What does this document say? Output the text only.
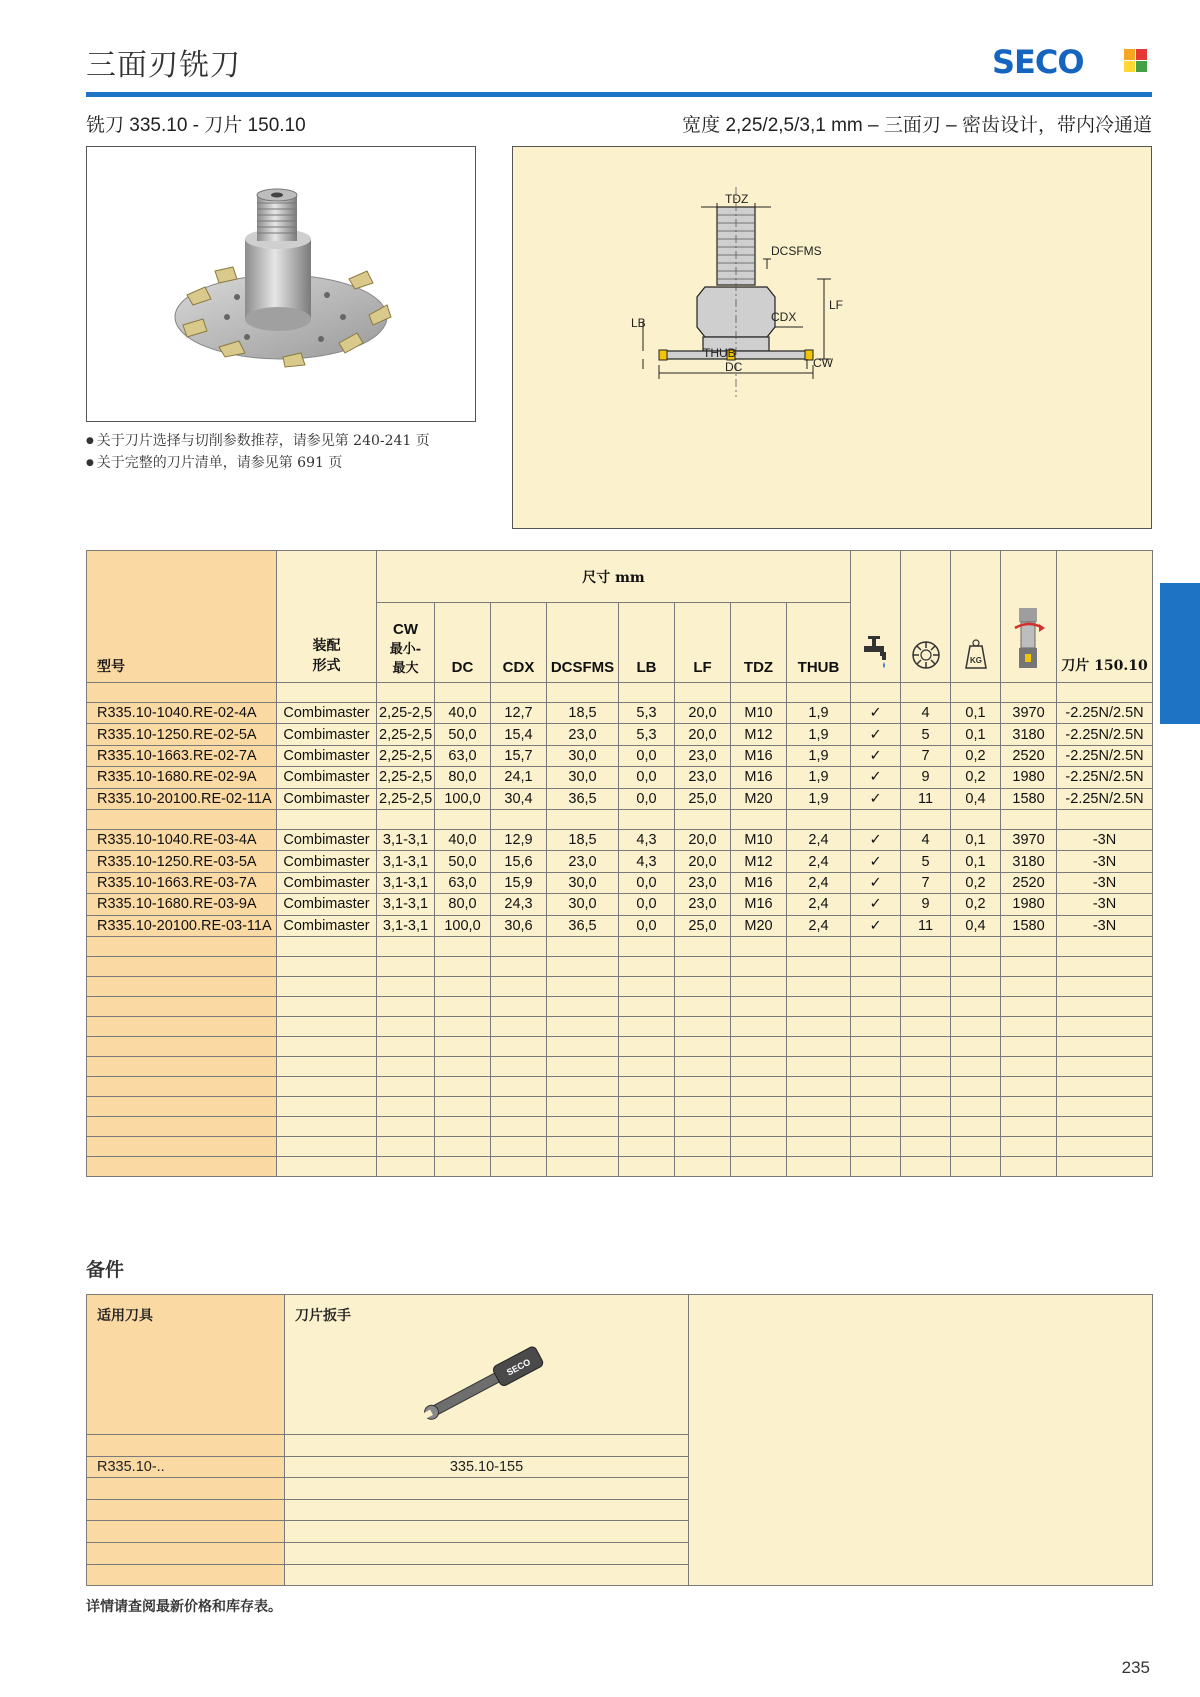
三面刃铣刀	SECO
铣刀 335.10 - 刀片 150.10	宽度 2,25/2,5/3,1 mm – 三面刃 – 密齿设计，带内冷通道
● 关于刀片选择与切削参数推荐，请参见第 240-241 页
● 关于完整的刀片清单，请参见第 691 页
TDZ
DCSFMS
LF
CDX
LB
THUB
DC	CW
型号	装配
形式	尺寸 mm										KG		刀片 150.10
		CW
最小-
最大	DC	CDX	DCSFMS	LB	LF	TDZ	THUB					

R335.10-1040.RE-02-4A	Combimaster	2,25-2,5	40,0	12,7	18,5	5,3	20,0	M10	1,9	✓	4	0,1	3970	-2.25N/2.5N
R335.10-1250.RE-02-5A	Combimaster	2,25-2,5	50,0	15,4	23,0	5,3	20,0	M12	1,9	✓	5	0,1	3180	-2.25N/2.5N
R335.10-1663.RE-02-7A	Combimaster	2,25-2,5	63,0	15,7	30,0	0,0	23,0	M16	1,9	✓	7	0,2	2520	-2.25N/2.5N
R335.10-1680.RE-02-9A	Combimaster	2,25-2,5	80,0	24,1	30,0	0,0	23,0	M16	1,9	✓	9	0,2	1980	-2.25N/2.5N
R335.10-20100.RE-02-11A	Combimaster	2,25-2,5	100,0	30,4	36,5	0,0	25,0	M20	1,9	✓	11	0,4	1580	-2.25N/2.5N

R335.10-1040.RE-03-4A	Combimaster	3,1-3,1	40,0	12,9	18,5	4,3	20,0	M10	2,4	✓	4	0,1	3970	-3N
R335.10-1250.RE-03-5A	Combimaster	3,1-3,1	50,0	15,6	23,0	4,3	20,0	M12	2,4	✓	5	0,1	3180	-3N
R335.10-1663.RE-03-7A	Combimaster	3,1-3,1	63,0	15,9	30,0	0,0	23,0	M16	2,4	✓	7	0,2	2520	-3N
R335.10-1680.RE-03-9A	Combimaster	3,1-3,1	80,0	24,3	30,0	0,0	23,0	M16	2,4	✓	9	0,2	1980	-3N
R335.10-20100.RE-03-11A	Combimaster	3,1-3,1	100,0	30,6	36,5	0,0	25,0	M20	2,4	✓	11	0,4	1580	-3N

备件
适用刀具	刀片扳手
SECO	

R335.10-..	335.10-155	

详情请查阅最新价格和库存表。
235
